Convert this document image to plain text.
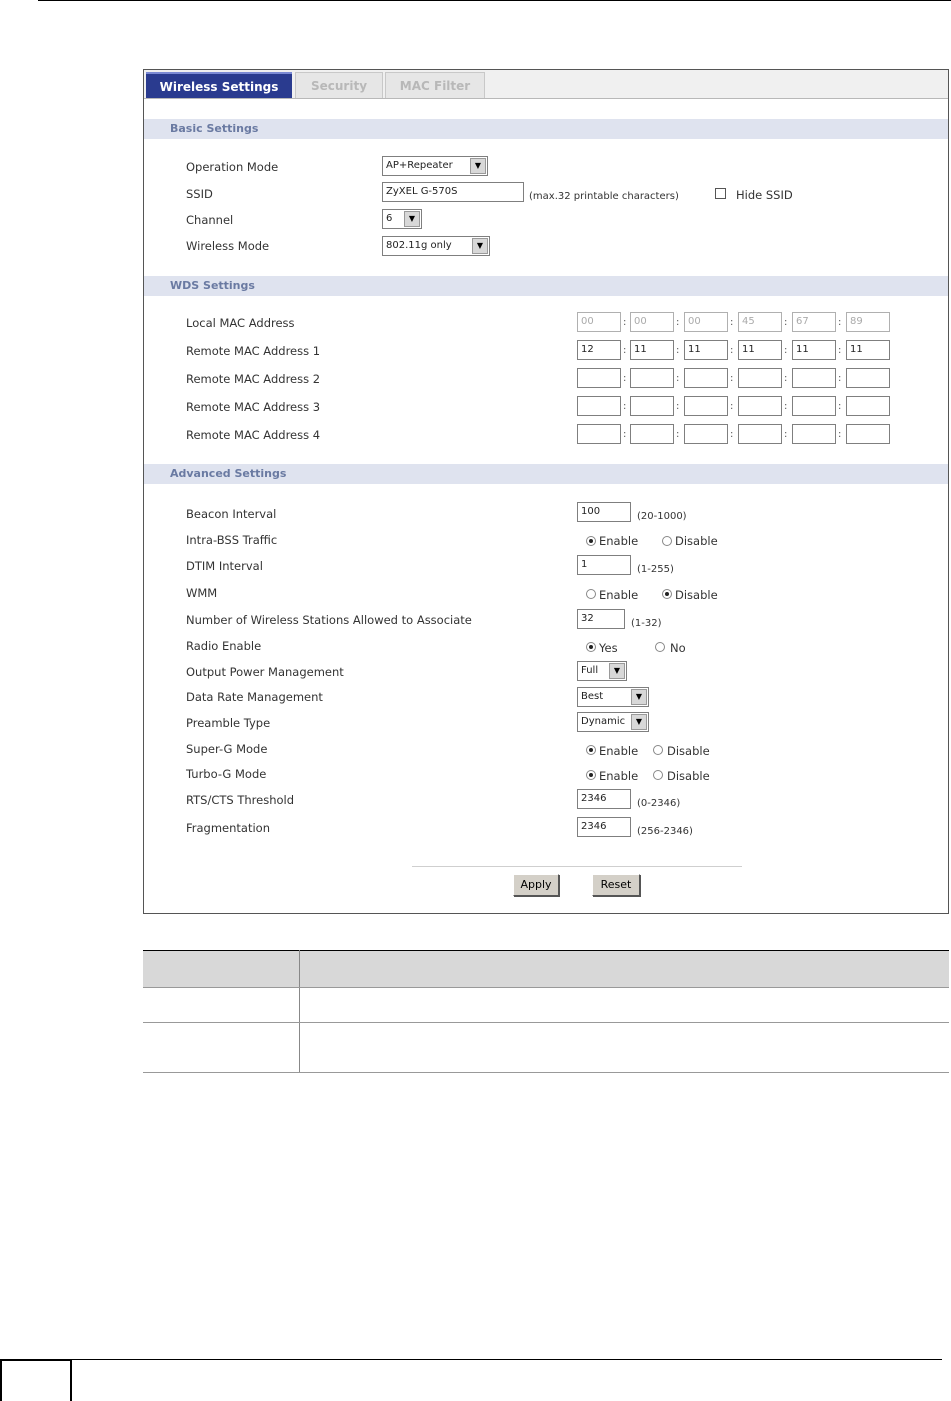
Wireless Settings	Security	MAC Filter
Basic Settings
Operation Mode	AP+Repeater	▼
SSID	ZyXEL G-570S	(max.32 printable characters)	Hide SSID
Channel	6	▼
Wireless Mode	802.11g only	▼
WDS Settings
Advanced Settings
Beacon Interval	100	(20-1000)
Intra-BSS Traffic	Enable	Disable
DTIM Interval	1	(1-255)
WMM	Enable	Disable
Number of Wireless Stations Allowed to Associate	32	(1-32)
Radio Enable	Yes	No
Output Power Management	Full	▼
Data Rate Management	Best	▼
Preamble Type	Dynamic	▼
Super-G Mode	Enable	Disable
Turbo-G Mode	Enable	Disable
RTS/CTS Threshold	2346	(0-2346)
Fragmentation	2346	(256-2346)
Apply	Reset
Local MAC Address	00	: 00	: 00	: 45	: 67	: 89
Remote MAC Address 1	12	: 11	: 11	: 11	: 11	: 11
Remote MAC Address 2	:	:	:	:	:
Remote MAC Address 3	:	:	:	:	:
Remote MAC Address 4	:	:	:	:	:
